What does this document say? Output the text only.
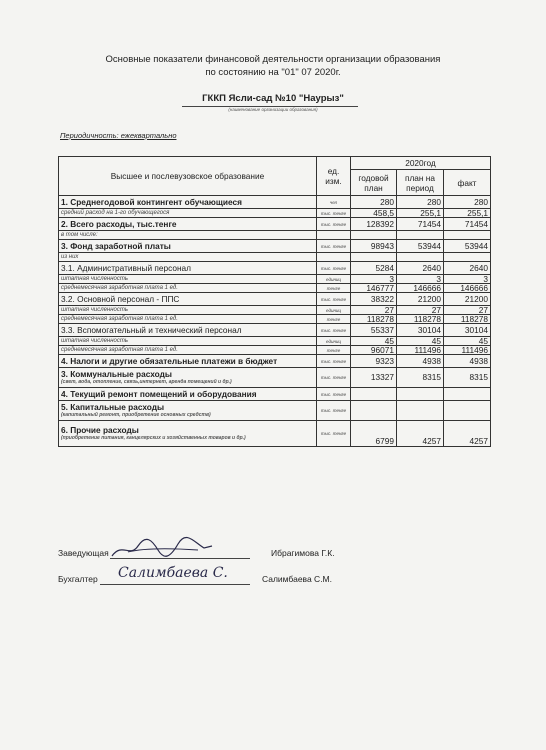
Основные показатели финансовой деятельности организации образования
по состоянию на "01" 07 2020г.
ГККП Ясли-сад №10 "Наурыз"
(наименование организации образования)
Периодичность: ежеквартально
Высшее и послевузовское образование	ед. изм.	2020год		
		годовой план	план на период	факт
1. Среднегодовой контингент обучающиеся	чел	280	280	280
средний расход на 1-го обучающегося	тыс. тенге	458,5	255,1	255,1
2. Всего расходы, тыс.тенге	тыс. тенге	128392	71454	71454
в том числе:				
3. Фонд заработной платы	тыс. тенге	98943	53944	53944
из них				
3.1. Административный персонал	тыс. тенге	5284	2640	2640
штатная численность	единиц	3	3	3
среднемесячная заработная плата 1 ед.	тенге	146777	146666	146666
3.2. Основной персонал - ППС	тыс. тенге	38322	21200	21200
штатная численность	единиц	27	27	27
среднемесячная заработная плата 1 ед.	тенге	118278	118278	118278
3.3. Вспомогательный и технический персонал	тыс. тенге	55337	30104	30104
штатная численность	единиц	45	45	45
среднемесячная заработная плата 1 ед.	тенге	96071	111496	111496
4. Налоги и другие обязательные платежи в бюджет	тыс. тенге	9323	4938	4938
3. Коммунальные расходы
(свет, вода, отопление, связь,интернет, аренда помещений и др.)	тыс. тенге	13327	8315	8315
4. Текущий ремонт помещений и оборудования	тыс. тенге			
5. Капитальные расходы
(капитальный ремонт, приобретение основных средств)	тыс. тенге			
6. Прочие расходы
(приобретение питания, канцелярских и хозяйственных товаров и др.)	тыс. тенге	6799	4257	4257
Заведующая	Ибрагимова Г.К.
Бухгалтер Салимбаева С.	Салимбаева С.М.
